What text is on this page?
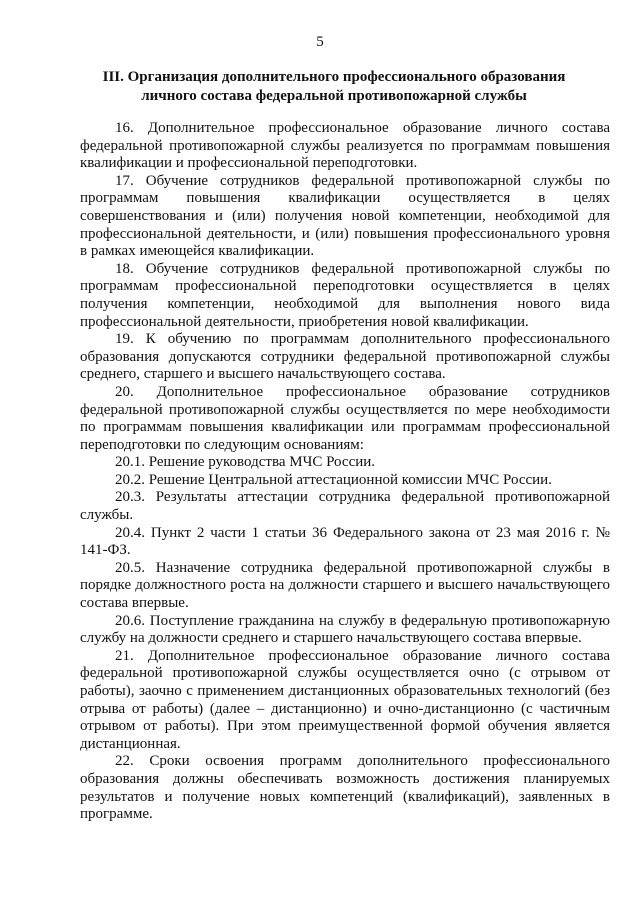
5
III. Организация дополнительного профессионального образования
личного состава федеральной противопожарной службы

16. Дополнительное профессиональное образование личного состава федеральной противопожарной службы реализуется по программам повышения квалификации и профессиональной переподготовки.

17. Обучение сотрудников федеральной противопожарной службы по программам повышения квалификации осуществляется в целях совершенствования и (или) получения новой компетенции, необходимой для профессиональной деятельности, и (или) повышения профессионального уровня в рамках имеющейся квалификации.

18. Обучение сотрудников федеральной противопожарной службы по программам профессиональной переподготовки осуществляется в целях получения компетенции, необходимой для выполнения нового вида профессиональной деятельности, приобретения новой квалификации.

19. К обучению по программам дополнительного профессионального образования допускаются сотрудники федеральной противопожарной службы среднего, старшего и высшего начальствующего состава.

20. Дополнительное профессиональное образование сотрудников федеральной противопожарной службы осуществляется по мере необходимости по программам повышения квалификации или программам профессиональной переподготовки по следующим основаниям:

20.1. Решение руководства МЧС России.

20.2. Решение Центральной аттестационной комиссии МЧС России.

20.3. Результаты аттестации сотрудника федеральной противопожарной службы.

20.4. Пункт 2 части 1 статьи 36 Федерального закона от 23 мая 2016 г. № 141-ФЗ.

20.5. Назначение сотрудника федеральной противопожарной службы в порядке должностного роста на должности старшего и высшего начальствующего состава впервые.

20.6. Поступление гражданина на службу в федеральную противопожарную службу на должности среднего и старшего начальствующего состава впервые.

21. Дополнительное профессиональное образование личного состава федеральной противопожарной службы осуществляется очно (с отрывом от работы), заочно с применением дистанционных образовательных технологий (без отрыва от работы) (далее – дистанционно) и очно-дистанционно (с частичным отрывом от работы). При этом преимущественной формой обучения является дистанционная.

22. Сроки освоения программ дополнительного профессионального образования должны обеспечивать возможность достижения планируемых результатов и получение новых компетенций (квалификаций), заявленных в программе.
